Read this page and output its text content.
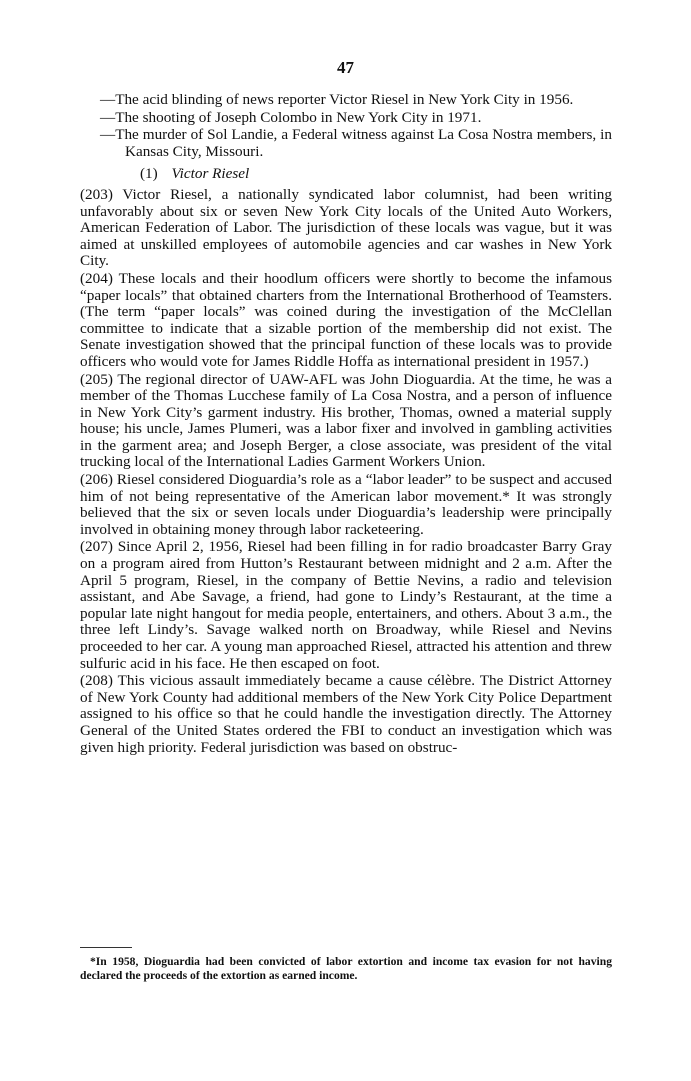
47
—The acid blinding of news reporter Victor Riesel in New York City in 1956.
—The shooting of Joseph Colombo in New York City in 1971.
—The murder of Sol Landie, a Federal witness against La Cosa Nostra members, in Kansas City, Missouri.
(1) Victor Riesel

(203) Victor Riesel, a nationally syndicated labor columnist, had been writing unfavorably about six or seven New York City locals of the United Auto Workers, American Federation of Labor. The jurisdiction of these locals was vague, but it was aimed at unskilled employees of automobile agencies and car washes in New York City.

(204) These locals and their hoodlum officers were shortly to become the infamous “paper locals” that obtained charters from the International Brotherhood of Teamsters. (The term “paper locals” was coined during the investigation of the McClellan committee to indicate that a sizable portion of the membership did not exist. The Senate investigation showed that the principal function of these locals was to provide officers who would vote for James Riddle Hoffa as international president in 1957.)

(205) The regional director of UAW-AFL was John Dioguardia. At the time, he was a member of the Thomas Lucchese family of La Cosa Nostra, and a person of influence in New York City’s garment industry. His brother, Thomas, owned a material supply house; his uncle, James Plumeri, was a labor fixer and involved in gambling activities in the garment area; and Joseph Berger, a close associate, was president of the vital trucking local of the International Ladies Garment Workers Union.

(206) Riesel considered Dioguardia’s role as a “labor leader” to be suspect and accused him of not being representative of the American labor movement.* It was strongly believed that the six or seven locals under Dioguardia’s leadership were principally involved in obtaining money through labor racketeering.

(207) Since April 2, 1956, Riesel had been filling in for radio broadcaster Barry Gray on a program aired from Hutton’s Restaurant between midnight and 2 a.m. After the April 5 program, Riesel, in the company of Bettie Nevins, a radio and television assistant, and Abe Savage, a friend, had gone to Lindy’s Restaurant, at the time a popular late night hangout for media people, entertainers, and others. About 3 a.m., the three left Lindy’s. Savage walked north on Broadway, while Riesel and Nevins proceeded to her car. A young man approached Riesel, attracted his attention and threw sulfuric acid in his face. He then escaped on foot.

(208) This vicious assault immediately became a cause célèbre. The District Attorney of New York County had additional members of the New York City Police Department assigned to his office so that he could handle the investigation directly. The Attorney General of the United States ordered the FBI to conduct an investigation which was given high priority. Federal jurisdiction was based on obstruc-

*In 1958, Dioguardia had been convicted of labor extortion and income tax evasion for not having declared the proceeds of the extortion as earned income.
